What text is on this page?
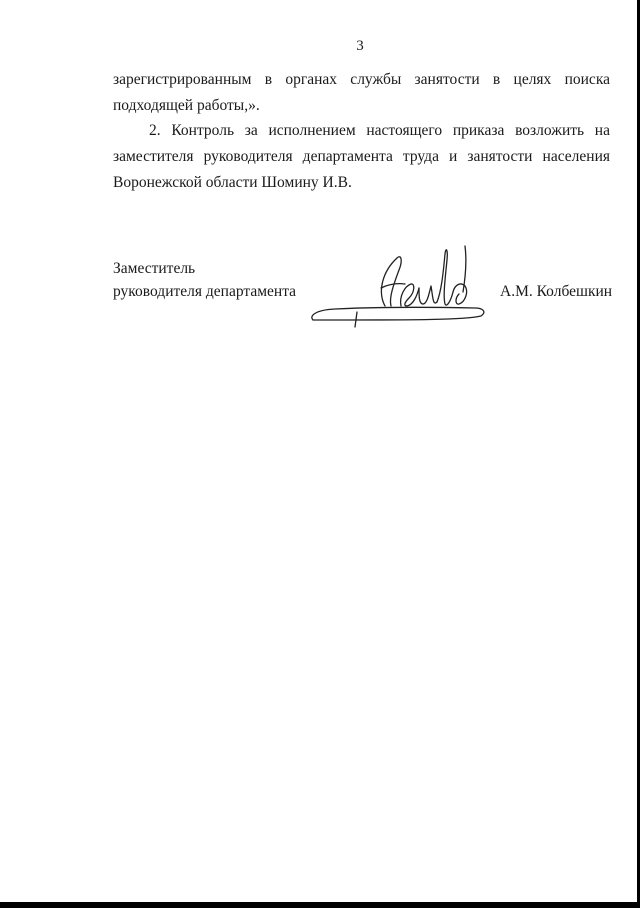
3

зарегистрированным в органах службы занятости в целях поиска подходящей работы,».

2. Контроль за исполнением настоящего приказа возложить на заместителя руководителя департамента труда и занятости населения Воронежской области Шомину И.В.

Заместитель
руководителя департамента	А.М. Колбешкин
